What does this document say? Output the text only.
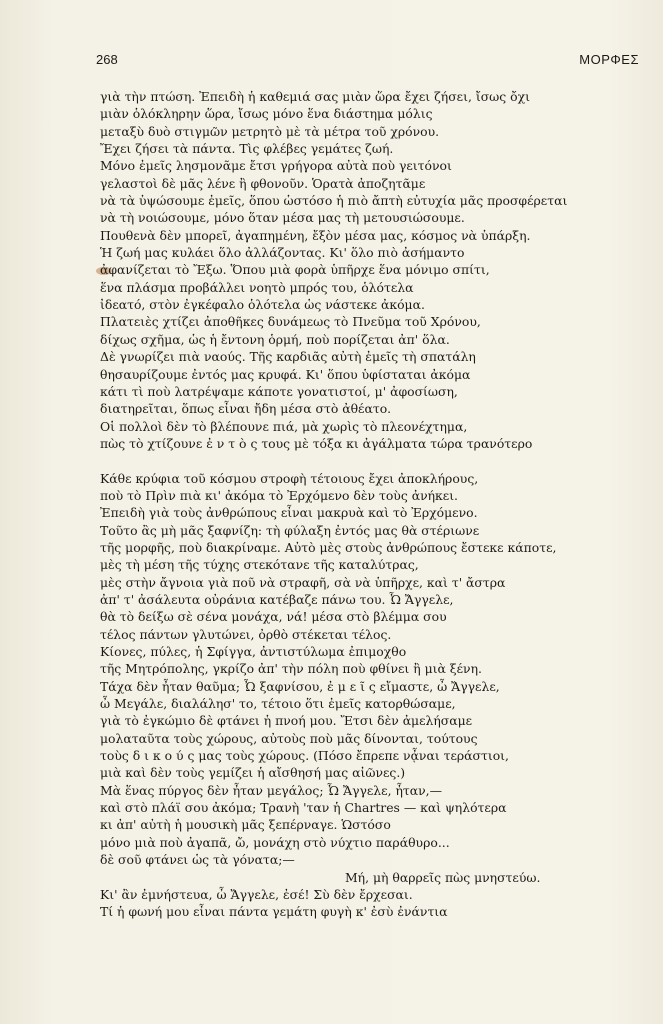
268	ΜΟΡΦΕΣ
γιὰ τὴν πτώση. Ἐπειδὴ ἡ καθεμιά σας μιὰν ὥρα ἔχει ζήσει, ἴσως ὄχι
μιὰν ὁλόκληρην ὥρα, ἴσως μόνο ἕνα διάστημα μόλις
μεταξὺ δυὸ στιγμῶν μετρητὸ μὲ τὰ μέτρα τοῦ χρόνου.
Ἔχει ζήσει τὰ πάντα. Τὶς φλέβες γεμάτες ζωή.
Μόνο ἐμεῖς λησμονᾶμε ἔτσι γρήγορα αὐτὰ ποὺ γειτόνοι
γελαστοὶ δὲ μᾶς λένε ἢ φθονοῦν. Ὁρατὰ ἀποζητᾶμε
νὰ τὰ ὑψώσουμε ἐμεῖς, ὅπου ὡστόσο ἡ πιὸ ἄπτὴ εὐτυχία μᾶς προσφέρεται
νὰ τὴ νοιώσουμε, μόνο ὅταν μέσα μας τὴ μετουσιώσουμε.
Πουθενὰ δὲν μπορεῖ, ἀγαπημένη, ἔξὸν μέσα μας, κόσμος νὰ ὑπάρξη.
Ἡ ζωή μας κυλάει ὅλο ἀλλάζοντας. Κι' ὅλο πιὸ ἀσήμαντο
ἀφανίζεται τὸ Ἔξω. Ὅπου μιὰ φορὰ ὑπῆρχε ἕνα μόνιμο σπίτι,
ἕνα πλάσμα προβάλλει νοητὸ μπρός του, ὁλότελα
ἰδεατό, στὸν ἐγκέφαλο ὁλότελα ὡς νάστεκε ἀκόμα.
Πλατειὲς χτίζει ἀποθῆκες δυνάμεως τὸ Πνεῦμα τοῦ Χρόνου,
δίχως σχῆμα, ὡς ἡ ἔντονη ὁρμή, ποὺ πορίζεται ἀπ' ὅλα.
Δὲ γνωρίζει πιὰ ναούς. Τῆς καρδιᾶς αὐτὴ ἐμεῖς τὴ σπατάλη
θησαυρίζουμε ἐντός μας κρυφά. Κι' ὅπου ὑφίσταται ἀκόμα
κάτι τὶ ποὺ λατρέψαμε κάποτε γονατιστοί, μ' ἀφοσίωση,
διατηρεῖται, ὅπως εἶναι ἤδη μέσα στὸ ἀθέατο.
Οἱ πολλοὶ δὲν τὸ βλέπουνε πιά, μὰ χωρὶς τὸ πλεονέχτημα,
πὼς τὸ χτίζουνε ἐ ν τ ὸ ς τους μὲ τόξα κι ἀγάλματα τώρα τρανότερο
Κάθε κρύφια τοῦ κόσμου στροφὴ τέτοιους ἔχει ἀποκλήρους,
ποὺ τὸ Πρὶν πιὰ κι' ἀκόμα τὸ Ἐρχόμενο δὲν τοὺς ἀνήκει.
Ἐπειδὴ γιὰ τοὺς ἀνθρώπους εἶναι μακρυὰ καὶ τὸ Ἐρχόμενο.
Τοῦτο ἂς μὴ μᾶς ξαφνίζη: τὴ φύλαξη ἐντός μας θὰ στέριωνε
τῆς μορφῆς, ποὺ διακρίναμε. Αὐτὸ μὲς στοὺς ἀνθρώπους ἔστεκε κάποτε,
μὲς τὴ μέση τῆς τύχης στεκότανε τῆς καταλύτρας,
μὲς στὴν ἄγνοια γιὰ ποῦ νὰ στραφῆ, σὰ νὰ ὑπῆρχε, καὶ τ' ἄστρα
ἀπ' τ' ἀσάλευτα οὐράνια κατέβαζε πάνω του. Ὦ Ἄγγελε,
θὰ τὸ δείξω σὲ σένα μονάχα, νά! μέσα στὸ βλέμμα σου
τέλος πάντων γλυτώνει, ὀρθὸ στέκεται τέλος.
Κίονες, πύλες, ἡ Σφίγγα, ἀντιστύλωμα ἐπιμοχθο
τῆς Μητρόπολης, γκρίζο ἀπ' τὴν πόλη ποὺ φθίνει ἢ μιὰ ξένη.
Τάχα δὲν ἦταν θαῦμα; Ὦ ξαφνίσου, ἐ μ ε ῖ ς εἴμαστε, ὦ Ἄγγελε,
ὦ Μεγάλε, διαλάλησ' το, τέτοιο ὅτι ἐμεῖς κατορθώσαμε,
γιὰ τὸ ἐγκώμιο δὲ φτάνει ἡ πνοή μου. Ἔτσι δὲν ἀμελήσαμε
μολαταῦτα τοὺς χώρους, αὐτοὺς ποὺ μᾶς δίνονται, τούτους
τοὺς δ ι κ ο ύ ς μας τοὺς χώρους. (Πόσο ἔπρεπε νᾆναι τεράστιοι,
μιὰ καὶ δὲν τοὺς γεμίζει ἡ αἴσθησή μας αἰῶνες.)
Μὰ ἕνας πύργος δὲν ἦταν μεγάλος; Ὦ Ἄγγελε, ἦταν,—
καὶ στὸ πλάϊ σου ἀκόμα; Τρανὴ 'ταν ἡ Chartres — καὶ ψηλότερα
κι ἀπ' αὐτὴ ἡ μουσικὴ μᾶς ξεπέρναγε. Ὡστόσο
μόνο μιὰ ποὺ ἀγαπᾶ, ὤ, μονάχη στὸ νύχτιο παράθυρο...
δὲ σοῦ φτάνει ὡς τὰ γόνατα;—
Μή, μὴ θαρρεῖς πὼς μνηστεύω.
Κι' ἂν ἐμνήστευα, ὦ Ἄγγελε, ἐσέ! Σὺ δὲν ἔρχεσαι.
Τί ἡ φωνή μου εἶναι πάντα γεμάτη φυγὴ κ' ἐσὺ ἐνάντια
